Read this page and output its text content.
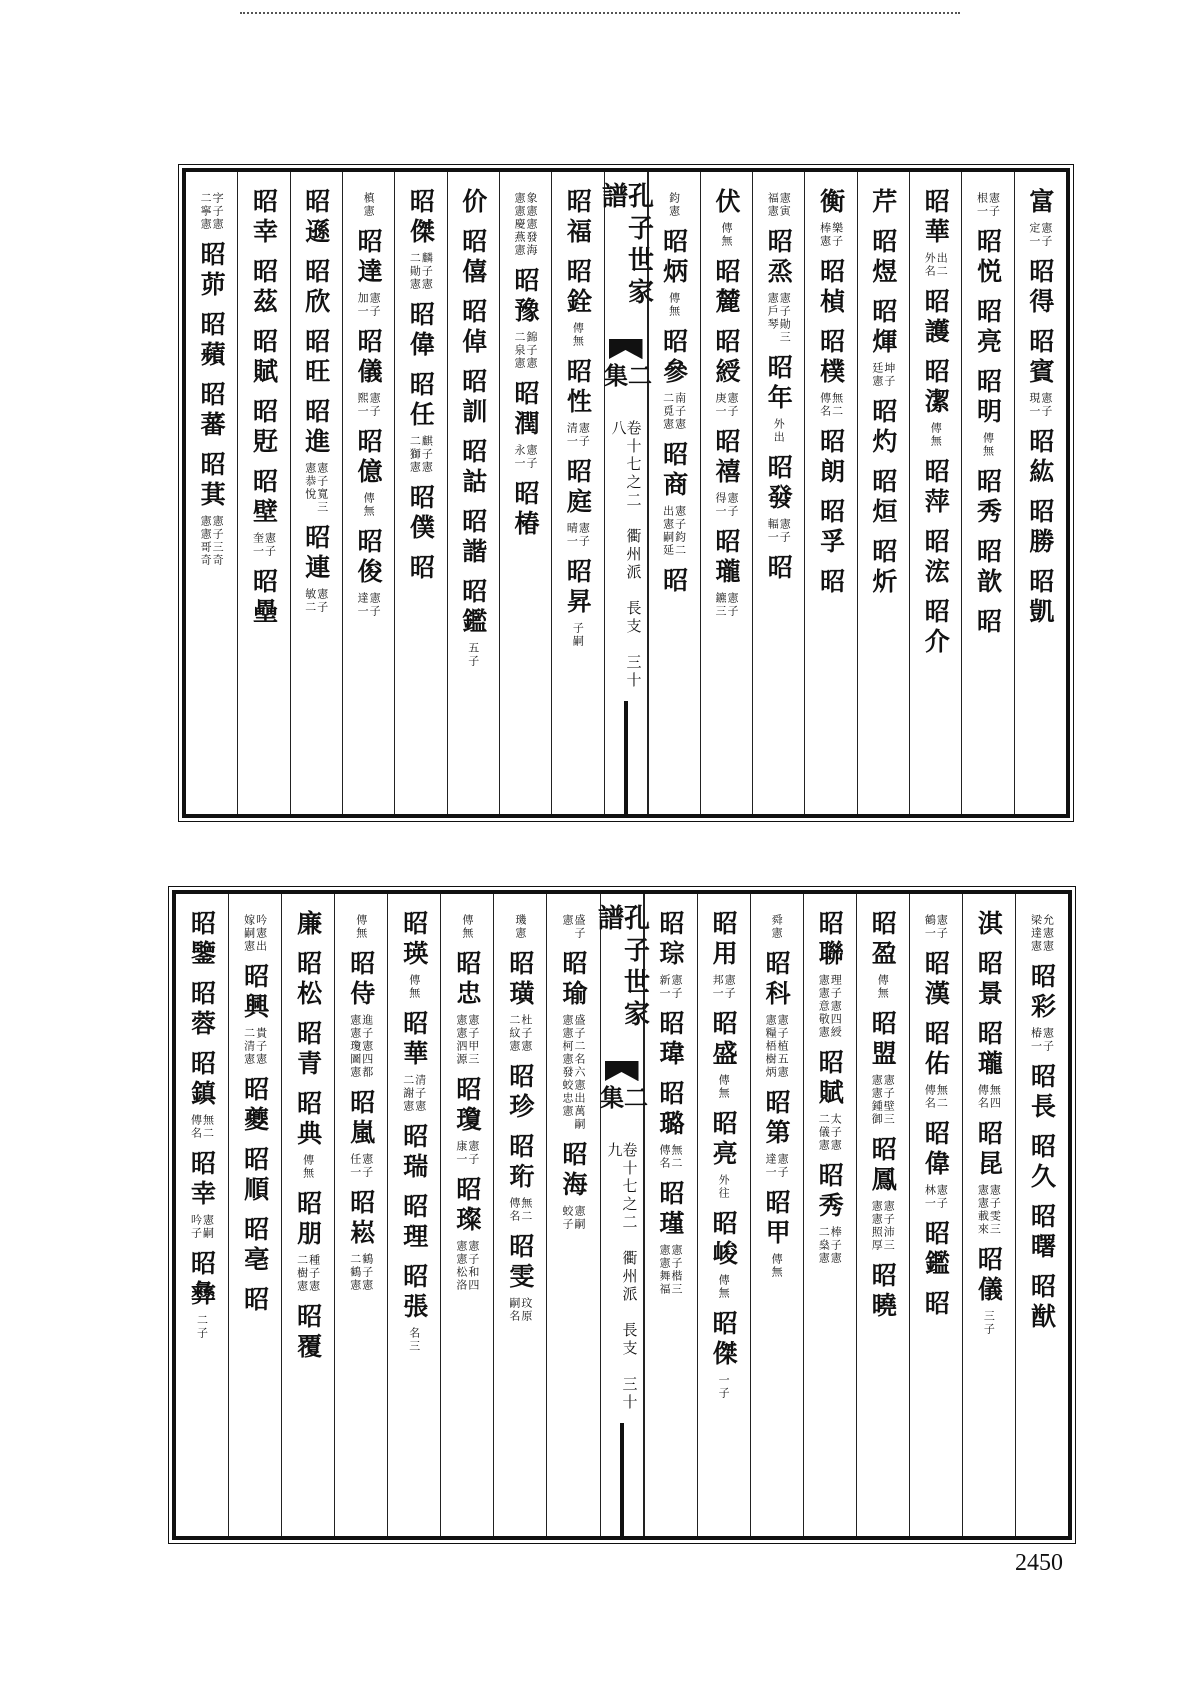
富
憲子
定一
昭得
昭賓
憲子
現一
昭紘
昭勝
昭凱
憲子
根一
昭悦
昭亮
昭明
傳無
昭秀
昭歆
昭
昭華
出二
外名
昭護
昭潔
傳無
昭萍
昭浤
昭介
芹
昭煜
昭煇
坤子
廷憲
昭灼
昭烜
昭炘
衡
樂子
棒憲
昭楨
昭樸
無二
傳名
昭朗
昭孚
昭
憲寅
福憲
昭烝
憲子勛三
憲戶琴
昭年
外出
昭發
憲子
輻一
昭
伏
傳無
昭麓
昭綬
憲子
庚一
昭禧
憲子
得一
昭瓏
憲子
鑣三
鈞憲
昭炳
傳無
昭參
南子憲
二覓憲
昭商
憲子鈞二
出憲嗣延
昭
孔子世家譜
二集
卷十七之二　衢州派　長支　三十八
昭福
昭銓
傳無
昭性
憲子
清一
昭庭
憲子
晴一
昭昇
子嗣
象憲憲發海
憲憲慶燕憲
昭豫
錦子憲
二泉憲
昭潤
憲子
永一
昭椿
价
昭僖
昭倬
昭訓
昭詁
昭諧
昭鑑
五子
昭傑
麟子憲
二勛憲
昭偉
昭任
麒子憲
二獅憲
昭僕
昭
槙憲
昭達
憲子
加一
昭儀
憲子
熙一
昭億
傳無
昭俊
憲子
達一
昭遜
昭欣
昭旺
昭進
憲子寬三
憲恭悅
昭連
憲子
敏二
昭幸
昭茲
昭賦
昭覎
昭壁
憲子
奎一
昭壘
字子憲
二寧憲
昭茆
昭蘋
昭蕃
昭萁
憲子三奇
憲憲哥奇
允憲憲
梁達憲
昭彩
憲子
椿一
昭長
昭久
昭曙
昭猷
淇
昭景
昭瓏
無四
傳名
昭昆
憲子雯三
憲憲載來
昭儀
三子
憲子
鶴一
昭漢
昭佑
無二
傳名
昭偉
憲子
林一
昭鑑
昭
昭盈
傳無
昭盟
憲子壁三
憲憲鍾御
昭鳳
憲子沛三
憲憲照厚
昭曉
昭聯
理子憲四綬
憲憲意敬憲
昭賦
太子憲
二儀憲
昭秀
棒子憲
二燊憲
舜憲
昭科
憲子植五憲
憲糧梧樹炳
昭第
憲子
達一
昭甲
傳無
昭用
憲子
邦一
昭盛
傳無
昭亮
外往
昭峻
傳無
昭傑
一子
昭琮
憲子
新一
昭瑋
昭璐
無二
傳名
昭瑾
憲子楷三
憲憲舞福
孔子世家譜
二集
卷十七之二　衢州派　長支　三十九
盛子
憲
昭瑜
盛子二名六憲出萬嗣
憲憲柯憲發蛟忠憲
昭海
憲嗣
蛟子
璣憲
昭璜
杜子憲
二紋憲
昭珍
昭珩
無二
傳名
昭雯
玟原
嗣名
傳無
昭忠
憲子甲三
憲憲泗源
昭瓊
憲子
康一
昭璨
憲子和四
憲憲松洛
昭瑛
傳無
昭華
清子憲
二謝憲
昭瑞
昭理
昭張
名三
傳無
昭侍
進子憲四都
憲憲瓊圖憲
昭嵐
憲子
任一
昭崧
鶴子憲
二鶴憲
廉
昭松
昭青
昭典
傳無
昭朋
種子憲
二樹憲
昭覆
吟憲出
嫁嗣憲
昭興
貴子憲
二清憲
昭夔
昭順
昭亳
昭
昭鑒
昭蓉
昭鎮
無二
傳名
昭幸
憲嗣
吟子
昭彝
二子
2450
